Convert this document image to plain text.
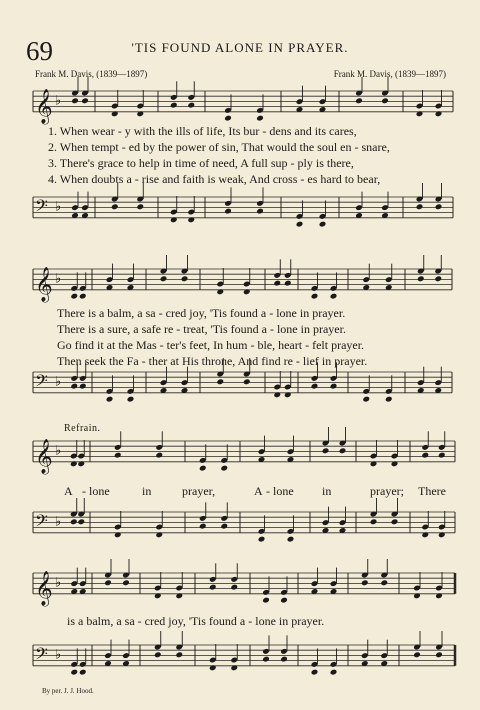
69	'TIS FOUND ALONE IN PRAYER.
Frank M. Davis, (1839—1897)	Frank M. Davis, (1839—1897)
𝄞 ♭
𝄢 ♭
𝄞 ♭
𝄢 ♭
𝄞 ♭
𝄢 ♭
𝄞 ♭
𝄢 ♭
1. When wear - y with the ills of life, Its bur - dens and its cares,
2. When tempt - ed by the power of sin, That would the soul en - snare,
3. There's grace to help in time of need, A full sup - ply is there,
4. When doubts a - rise and faith is weak, And cross - es hard to bear,
There is a balm, a sa - cred joy, 'Tis found a - lone in prayer.
There is a sure, a safe re - treat, 'Tis found a - lone in prayer.
Go find it at the Mas - ter's feet, In hum - ble, heart - felt prayer.
Then seek the Fa - ther at His throne, And find re - lief in prayer.
Refrain.
A - lone	in	prayer,	A - lone in	prayer; There
is a balm, a sa - cred joy, 'Tis found a - lone in prayer.
By per. J. J. Hood.
